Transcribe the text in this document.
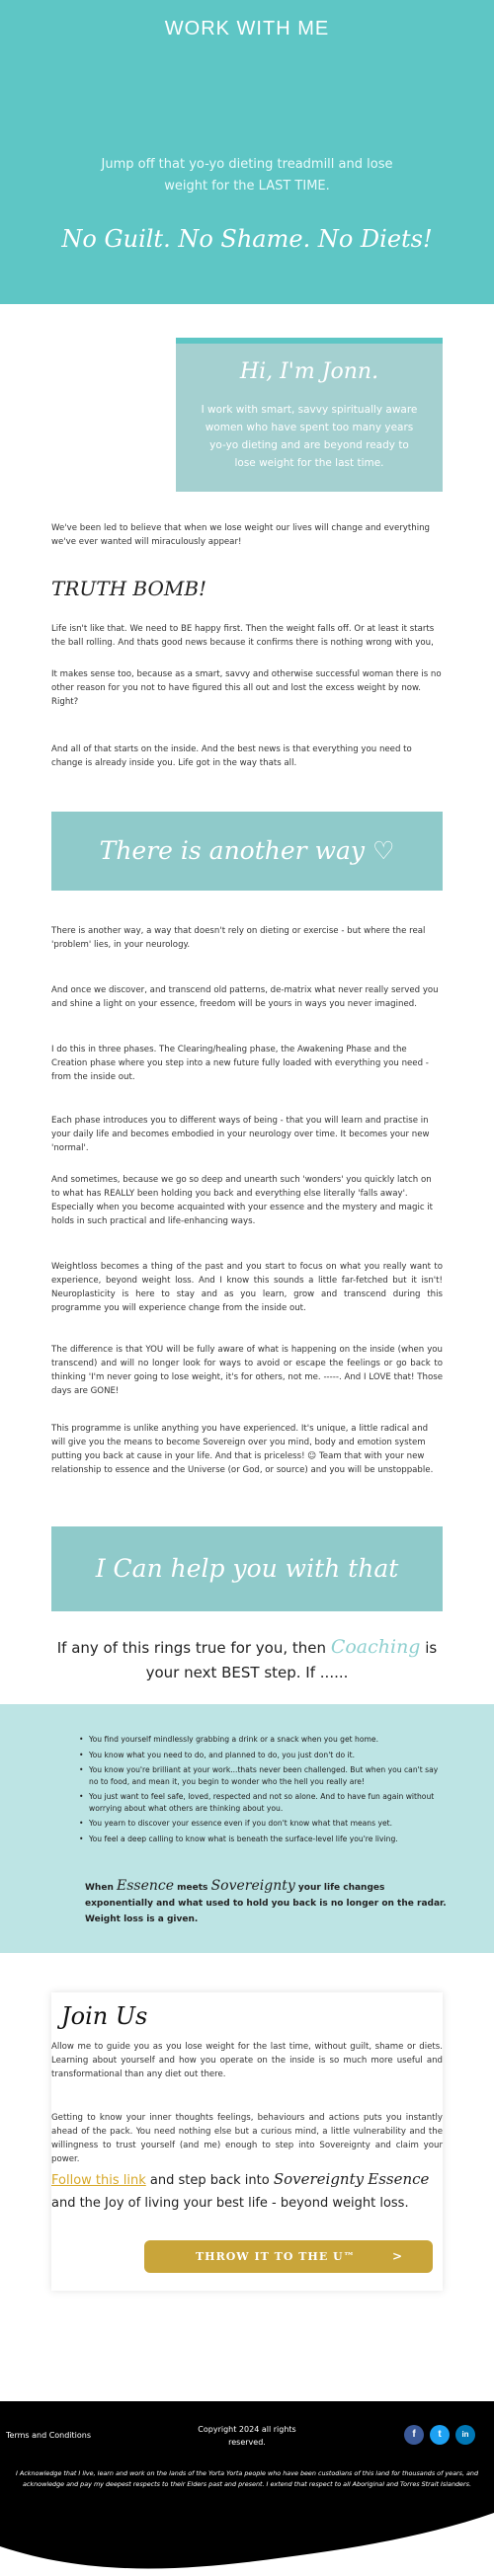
WORK WITH ME
Jump off that yo-yo dieting treadmill and lose weight for the LAST TIME.
No Guilt. No Shame. No Diets!
Hi, I'm Jonn.
I work with smart, savvy spiritually aware women who have spent too many years yo-yo dieting and are beyond ready to lose weight for the last time.
We've been led to believe that when we lose weight our lives will change and everything we've ever wanted will miraculously appear!
TRUTH BOMB!
Life isn't like that. We need to BE happy first. Then the weight falls off. Or at least it starts the ball rolling. And thats good news because it confirms there is nothing wrong with you,
It makes sense too, because as a smart, savvy and otherwise successful woman there is no other reason for you not to have figured this all out and lost the excess weight by now. Right?
And all of that starts on the inside. And the best news is that everything you need to change is already inside you. Life got in the way thats all.
There is another way ♡
There is another way, a way that doesn't rely on dieting or exercise - but where the real 'problem' lies, in your neurology.
And once we discover, and transcend old patterns, de-matrix what never really served you and shine a light on your essence, freedom will be yours in ways you never imagined.
I do this in three phases. The Clearing/healing phase, the Awakening Phase and the Creation phase where you step into a new future fully loaded with everything you need - from the inside out.
Each phase introduces you to different ways of being - that you will learn and practise in your daily life and becomes embodied in your neurology over time. It becomes your new 'normal'.
And sometimes, because we go so deep and unearth such 'wonders' you quickly latch on to what has REALLY been holding you back and everything else literally 'falls away'. Especially when you become acquainted with your essence and the mystery and magic it holds in such practical and life-enhancing ways.
Weightloss becomes a thing of the past and you start to focus on what you really want to experience, beyond weight loss. And I know this sounds a little far-fetched but it isn't! Neuroplasticity is here to stay and as you learn, grow and transcend during this programme you will experience change from the inside out.
The difference is that YOU will be fully aware of what is happening on the inside (when you transcend) and will no longer look for ways to avoid or escape the feelings or go back to thinking 'I'm never going to lose weight, it's for others, not me. -----. And I LOVE that! Those days are GONE!
This programme is unlike anything you have experienced. It's unique, a little radical and will give you the means to become Sovereign over you mind, body and emotion system putting you back at cause in your life. And that is priceless! ☺ Team that with your new relationship to essence and the Universe (or God, or source) and you will be unstoppable.
I Can help you with that
If any of this rings true for you, then Coaching is your next BEST step. If ......
• You find yourself mindlessly grabbing a drink or a snack when you get home.
• You know what you need to do, and planned to do, you just don't do it.
• You know you're brilliant at your work...thats never been challenged. But when you can't say no to food, and mean it, you begin to wonder who the hell you really are!
• You just want to feel safe, loved, respected and not so alone. And to have fun again without worrying about what others are thinking about you.
• You yearn to discover your essence even if you don't know what that means yet.
• You feel a deep calling to know what is beneath the surface-level life you're living.
When Essence meets Sovereignty your life changes exponentially and what used to hold you back is no longer on the radar. Weight loss is a given.
Join Us
Allow me to guide you as you lose weight for the last time, without guilt, shame or diets. Learning about yourself and how you operate on the inside is so much more useful and transformational than any diet out there.
Getting to know your inner thoughts feelings, behaviours and actions puts you instantly ahead of the pack. You need nothing else but a curious mind, a little vulnerability and the willingness to trust yourself (and me) enough to step into Sovereignty and claim your power.
Follow this link and step back into Sovereignty Essence and the Joy of living your best life - beyond weight loss.
THROW IT TO THE U™	>
Terms and Conditions
Copyright 2024 all rights reserved.
f	t	in
I Acknowledge that I live, learn and work on the lands of the Yorta Yorta people who have been custodians of this land for thousands of years, and acknowledge and pay my deepest respects to their Elders past and present. I extend that respect to all Aboriginal and Torres Strait Islanders.
